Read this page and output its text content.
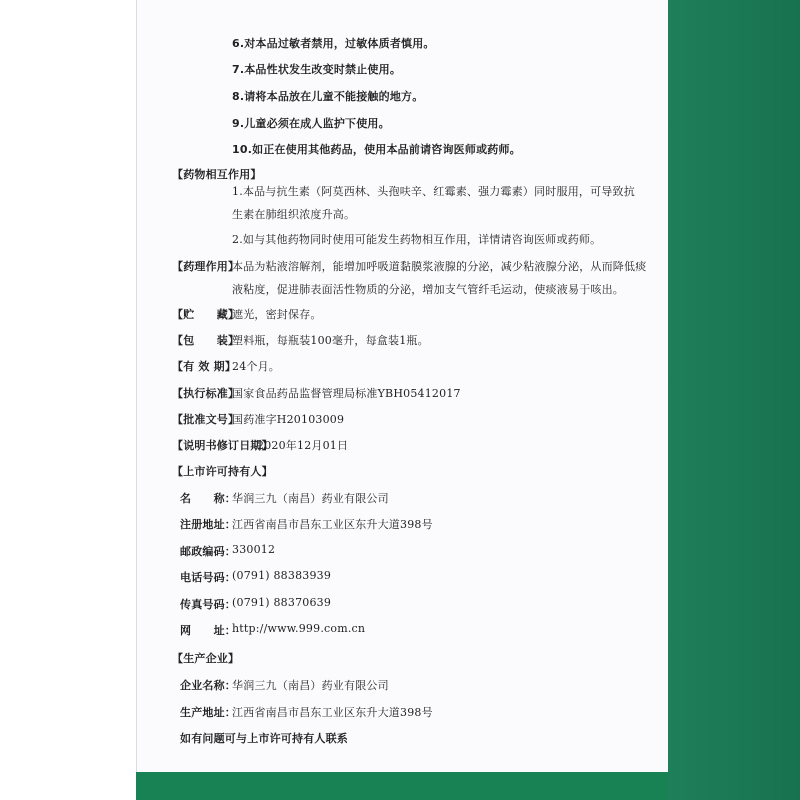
6.对本品过敏者禁用，过敏体质者慎用。
7.本品性状发生改变时禁止使用。
8.请将本品放在儿童不能接触的地方。
9.儿童必须在成人监护下使用。
10.如正在使用其他药品，使用本品前请咨询医师或药师。
【药物相互作用】
1.本品与抗生素（阿莫西林、头孢呋辛、红霉素、强力霉素）同时服用，可导致抗
生素在肺组织浓度升高。
2.如与其他药物同时使用可能发生药物相互作用，详情请咨询医师或药师。
【药理作用】
本品为粘液溶解剂，能增加呼吸道黏膜浆液腺的分泌，减少粘液腺分泌，从而降低痰
液粘度，促进肺表面活性物质的分泌，增加支气管纤毛运动，使痰液易于咳出。
【贮　　藏】
遮光，密封保存。
【包　　装】
塑料瓶，每瓶装100毫升，每盒装1瓶。
【有 效 期】
24个月。
【执行标准】
国家食品药品监督管理局标准YBH05412017
【批准文号】
国药准字H20103009
【说明书修订日期】
2020年12月01日
【上市许可持有人】
名　　称：
华润三九（南昌）药业有限公司
注册地址：
江西省南昌市昌东工业区东升大道398号
邮政编码：
330012
电话号码：
(0791) 88383939
传真号码：
(0791) 88370639
网　　址：
http://www.999.com.cn
【生产企业】
企业名称：
华润三九（南昌）药业有限公司
生产地址：
江西省南昌市昌东工业区东升大道398号
如有问题可与上市许可持有人联系
